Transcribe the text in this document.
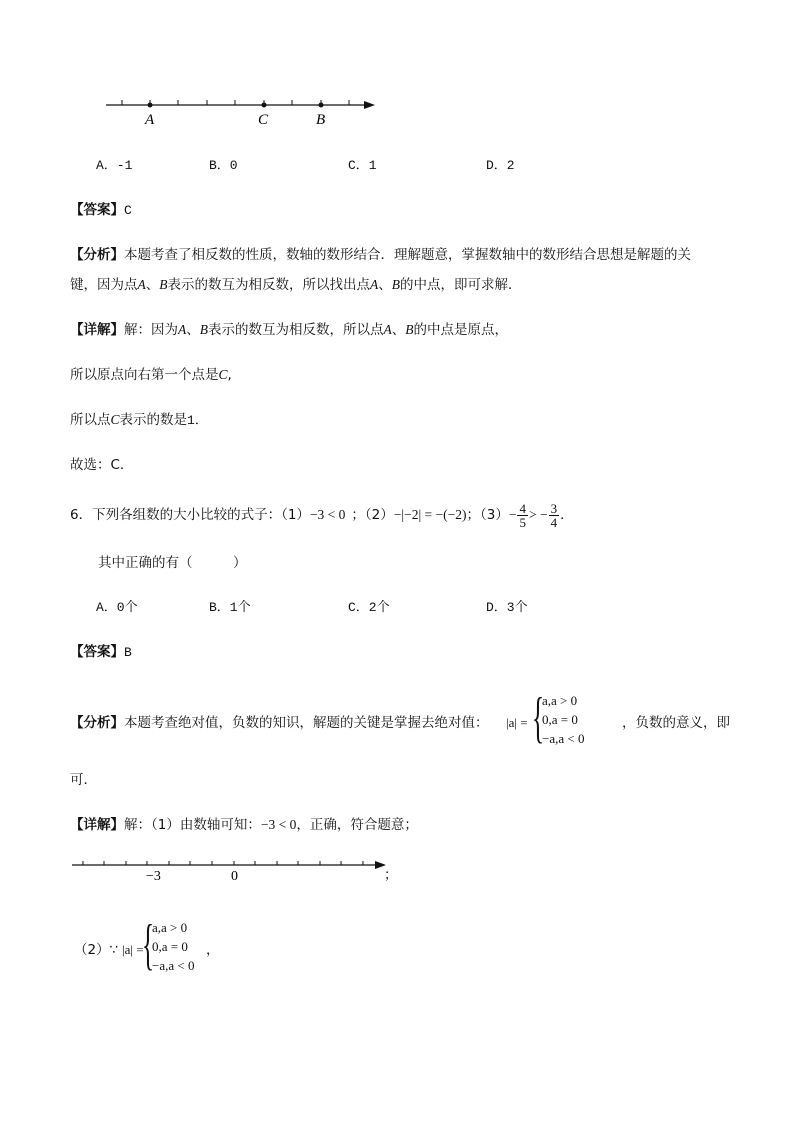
A	C	B
A．-1	B．0	C．1	D．2
【答案】C
【分析】本题考查了相反数的性质，数轴的数形结合．理解题意，掌握数轴中的数形结合思想是解题的关
键，因为点A、B表示的数互为相反数，所以找出点A、B的中点，即可求解．
【详解】解：因为A、B表示的数互为相反数，所以点A、B的中点是原点，
所以原点向右第一个点是C,
所以点C表示的数是1．
故选：C．
6．下列各组数的大小比较的式子：（1）−3 < 0 ；（2）−|−2| = −(−2)；$(3)- \frac{4}{5}$ > − $\frac{3}{4}$ ．
其中正确的有（　　　）
A．0个	B．1个	C．2个	D．3个
【答案】B
【分析】本题考查绝对值，负数的知识，解题的关键是掌握去绝对值： |a| = {
a,a > 0
0,a = 0
−a,a < 0
，负数的意义，即
可．
【详解】解：（1）由数轴可知：−3 < 0，正确，符合题意；
−3	0	；
（2）∵ |a| =
{
a,a > 0
0,a = 0
−a,a < 0
，
